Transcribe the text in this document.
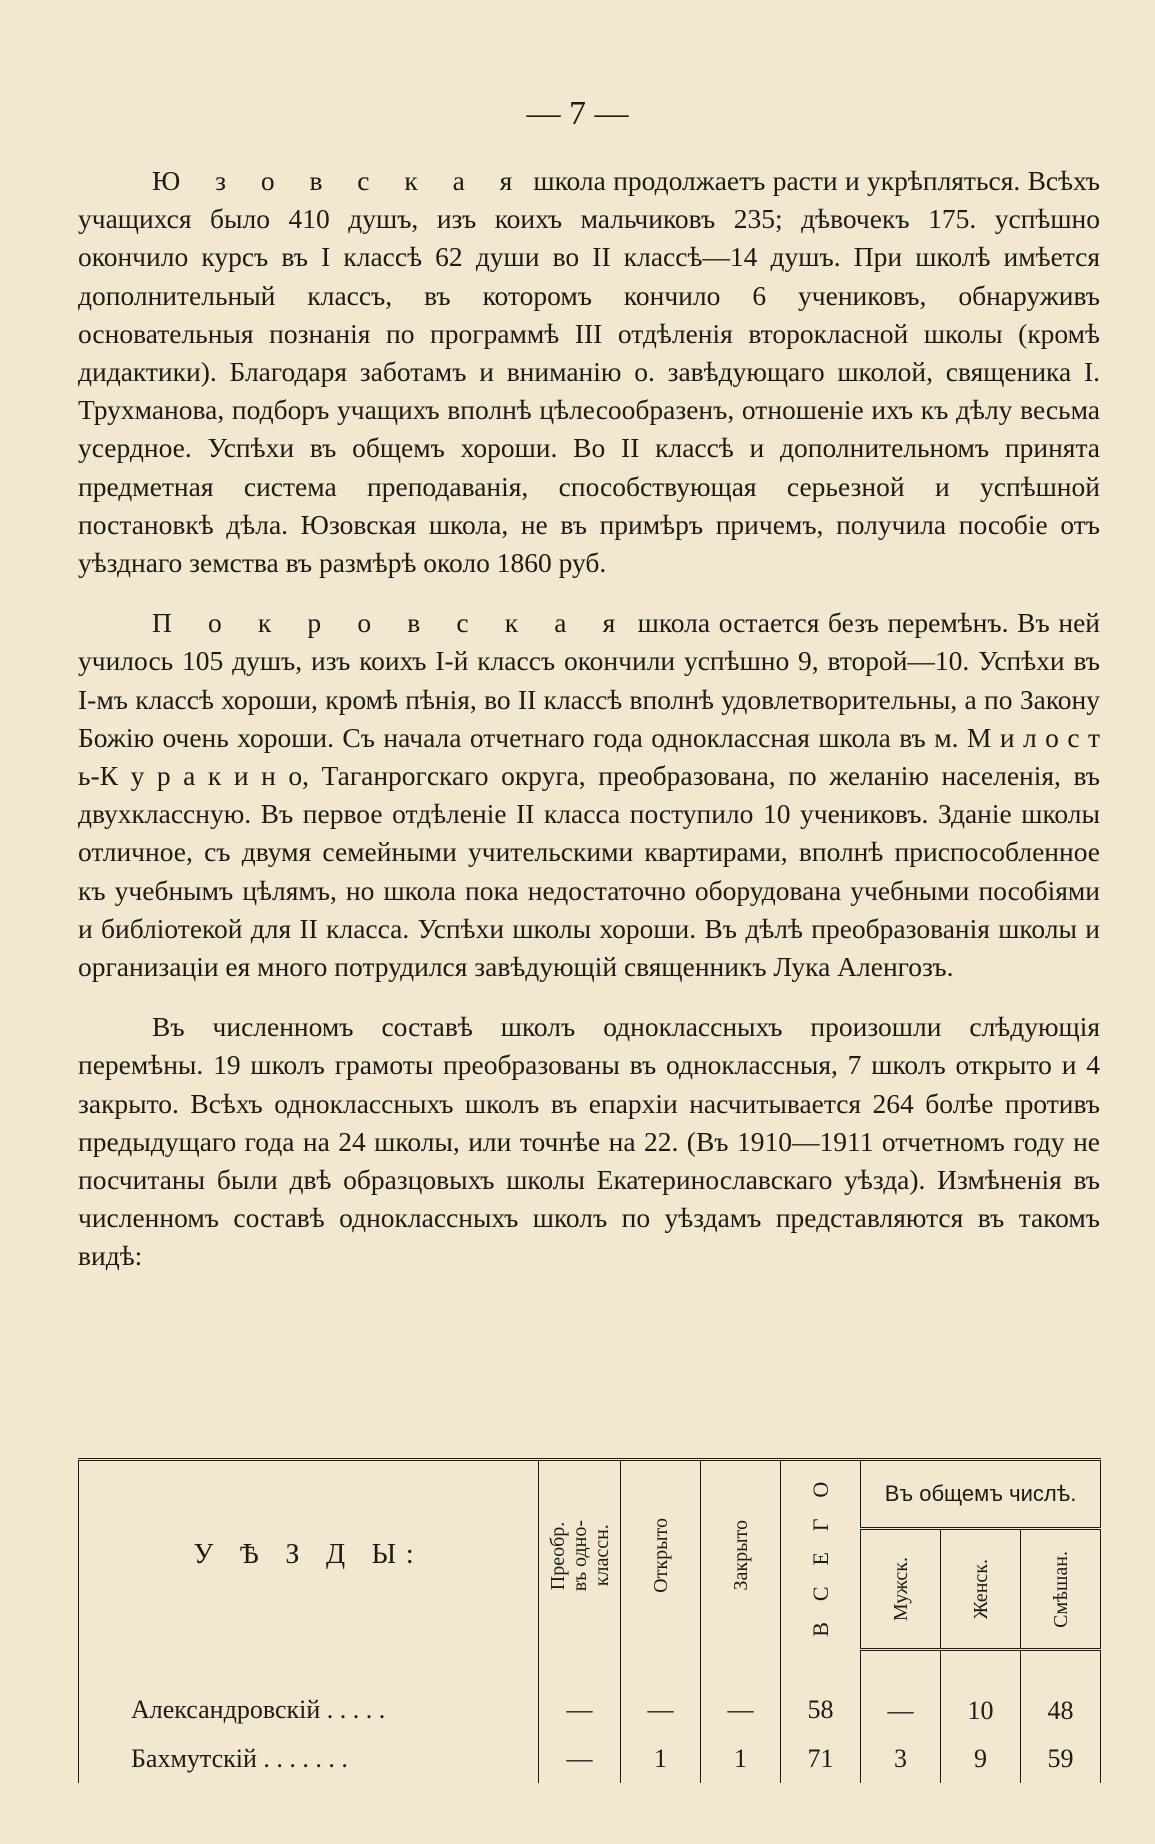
— 7 —

Ю з о в с к а я школа продолжаетъ расти и укрѣпляться. Всѣхъ учащихся было 410 душъ, изъ коихъ мальчиковъ 235; дѣвочекъ 175. успѣшно окончило курсъ въ I классѣ 62 души во II классѣ—14 душъ. При школѣ имѣется дополнительный классъ, въ которомъ кончило 6 учениковъ, обнаруживъ основательныя познанія по программѣ III отдѣленія второкласной школы (кромѣ дидактики). Благодаря заботамъ и вниманію о. завѣдующаго школой, священика І. Трухманова, подборъ учащихъ вполнѣ цѣлесообразенъ, отношеніе ихъ къ дѣлу весьма усердное. Успѣхи въ общемъ хороши. Во II классѣ и дополнительномъ принята предметная система преподаванія, способствующая серьезной и успѣшной постановкѣ дѣла. Юзовская школа, не въ примѣръ причемъ, получила пособіе отъ уѣзднаго земства въ размѣрѣ около 1860 руб.

П о к р о в с к а я школа остается безъ перемѣнъ. Въ ней училось 105 душъ, изъ коихъ I-й классъ окончили успѣшно 9, второй—10. Успѣхи въ I-мъ классѣ хороши, кромѣ пѣнія, во II классѣ вполнѣ удовлетворительны, а по Закону Божію очень хороши. Съ начала отчетнаго года одноклассная школа въ м. М и л о с т ь-К у р а к и н о, Таганрогскаго округа, преобразована, по желанію населенія, въ двухклассную. Въ первое отдѣленіе II класса поступило 10 учениковъ. Зданіе школы отличное, съ двумя семейными учительскими квартирами, вполнѣ приспособленное къ учебнымъ цѣлямъ, но школа пока недостаточно оборудована учебными пособіями и библіотекой для II класса. Успѣхи школы хороши. Въ дѣлѣ преобразованія школы и организаціи ея много потрудился завѣдующій священникъ Лука Аленгозъ.

Въ численномъ составѣ школъ одноклассныхъ произошли слѣдующія перемѣны. 19 школъ грамоты преобразованы въ одноклассныя, 7 школъ открыто и 4 закрыто. Всѣхъ одноклассныхъ школъ въ епархіи насчитывается 264 болѣе противъ предыдущаго года на 24 школы, или точнѣе на 22. (Въ 1910—1911 отчетномъ году не посчитаны были двѣ образцовыхъ школы Екатеринославскаго уѣзда). Измѣненія въ численномъ составѣ одноклассныхъ школъ по уѣздамъ представляются въ такомъ видѣ:

У Ѣ З Д Ы:	Преобр.
въ одно-
классн.	Открыто	Закрыто	В С Е Г О	Въ общемъ числѣ.		

					Мужск.	Женск.	Смѣшан.

Александровскій . . . . .	—	—	—	58	—	10	48
Бахмутскій . . . . . . .	—	1	1	71	3	9	59
